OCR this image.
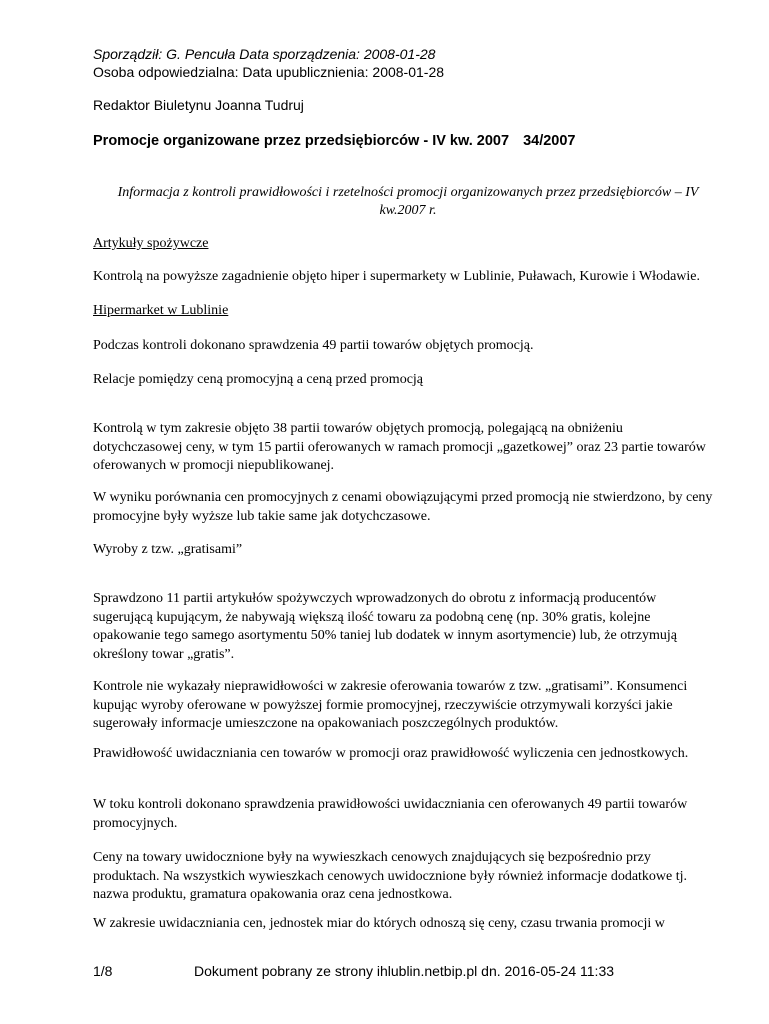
Sporządził: G. Pencuła Data sporządzenia: 2008-01-28
Osoba odpowiedzialna: Data upublicznienia: 2008-01-28
Redaktor Biuletynu Joanna Tudruj
Promocje organizowane przez przedsiębiorców - IV kw. 2007 34/2007
Informacja z kontroli prawidłowości i rzetelności promocji organizowanych przez przedsiębiorców – IV
kw.2007 r.
Artykuły spożywcze
Kontrolą na powyższe zagadnienie objęto hiper i supermarkety w Lublinie, Puławach, Kurowie i Włodawie.
Hipermarket w Lublinie
Podczas kontroli dokonano sprawdzenia 49 partii towarów objętych promocją.
Relacje pomiędzy ceną promocyjną a ceną przed promocją
Kontrolą w tym zakresie objęto 38 partii towarów objętych promocją, polegającą na obniżeniu
dotychczasowej ceny, w tym 15 partii oferowanych w ramach promocji „gazetkowej” oraz 23 partie towarów
oferowanych w promocji niepublikowanej.
W wyniku porównania cen promocyjnych z cenami obowiązującymi przed promocją nie stwierdzono, by ceny
promocyjne były wyższe lub takie same jak dotychczasowe.
Wyroby z tzw. „gratisami”
Sprawdzono 11 partii artykułów spożywczych wprowadzonych do obrotu z informacją producentów
sugerującą kupującym, że nabywają większą ilość towaru za podobną cenę (np. 30% gratis, kolejne
opakowanie tego samego asortymentu 50% taniej lub dodatek w innym asortymencie) lub, że otrzymują
określony towar „gratis”.
Kontrole nie wykazały nieprawidłowości w zakresie oferowania towarów z tzw. „gratisami”. Konsumenci
kupując wyroby oferowane w powyższej formie promocyjnej, rzeczywiście otrzymywali korzyści jakie
sugerowały informacje umieszczone na opakowaniach poszczególnych produktów.
Prawidłowość uwidaczniania cen towarów w promocji oraz prawidłowość wyliczenia cen jednostkowych.
W toku kontroli dokonano sprawdzenia prawidłowości uwidaczniania cen oferowanych 49 partii towarów
promocyjnych.
Ceny na towary uwidocznione były na wywieszkach cenowych znajdujących się bezpośrednio przy
produktach. Na wszystkich wywieszkach cenowych uwidocznione były również informacje dodatkowe tj.
nazwa produktu, gramatura opakowania oraz cena jednostkowa.
W zakresie uwidaczniania cen, jednostek miar do których odnoszą się ceny, czasu trwania promocji w
1/8	Dokument pobrany ze strony ihlublin.netbip.pl dn. 2016-05-24 11:33
